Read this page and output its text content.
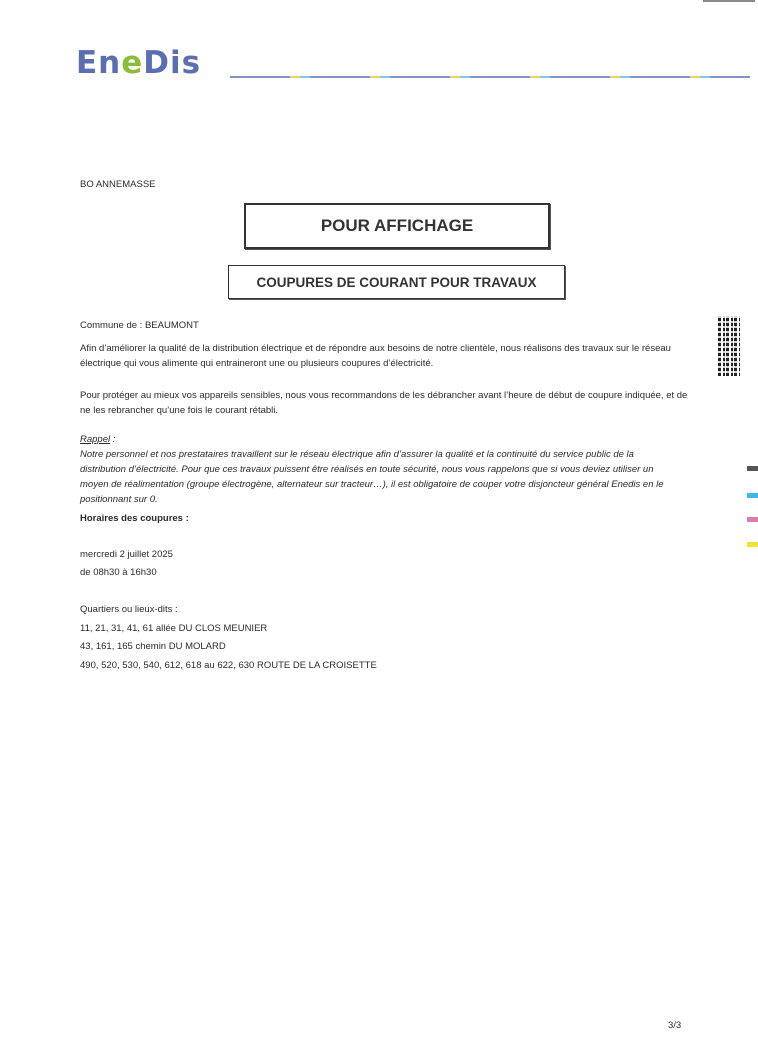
EneDis
BO ANNEMASSE
POUR AFFICHAGE
COUPURES DE COURANT POUR TRAVAUX
Commune de : BEAUMONT
Afin d’améliorer la qualité de la distribution électrique et de répondre aux besoins de notre clientèle, nous réalisons des travaux sur le réseau électrique qui vous alimente qui entraineront une ou plusieurs coupures d’électricité.
Pour protéger au mieux vos appareils sensibles, nous vous recommandons de les débrancher avant l’heure de début de coupure indiquée, et de ne les rebrancher qu’une fois le courant rétabli.
Rappel :
Notre personnel et nos prestataires travaillent sur le réseau électrique afin d’assurer la qualité et la continuité du service public de la distribution d’électricité. Pour que ces travaux puissent être réalisés en toute sécurité, nous vous rappelons que si vous deviez utiliser un moyen de réalimentation (groupe électrogène, alternateur sur tracteur…), il est obligatoire de couper votre disjoncteur général Enedis en le positionnant sur 0.
Horaires des coupures :
mercredi 2 juillet 2025
de 08h30 à 16h30
Quartiers ou lieux-dits :
11, 21, 31, 41, 61 allée DU CLOS MEUNIER
43, 161, 165 chemin DU MOLARD
490, 520, 530, 540, 612, 618 au 622, 630 ROUTE DE LA CROISETTE
3/3
